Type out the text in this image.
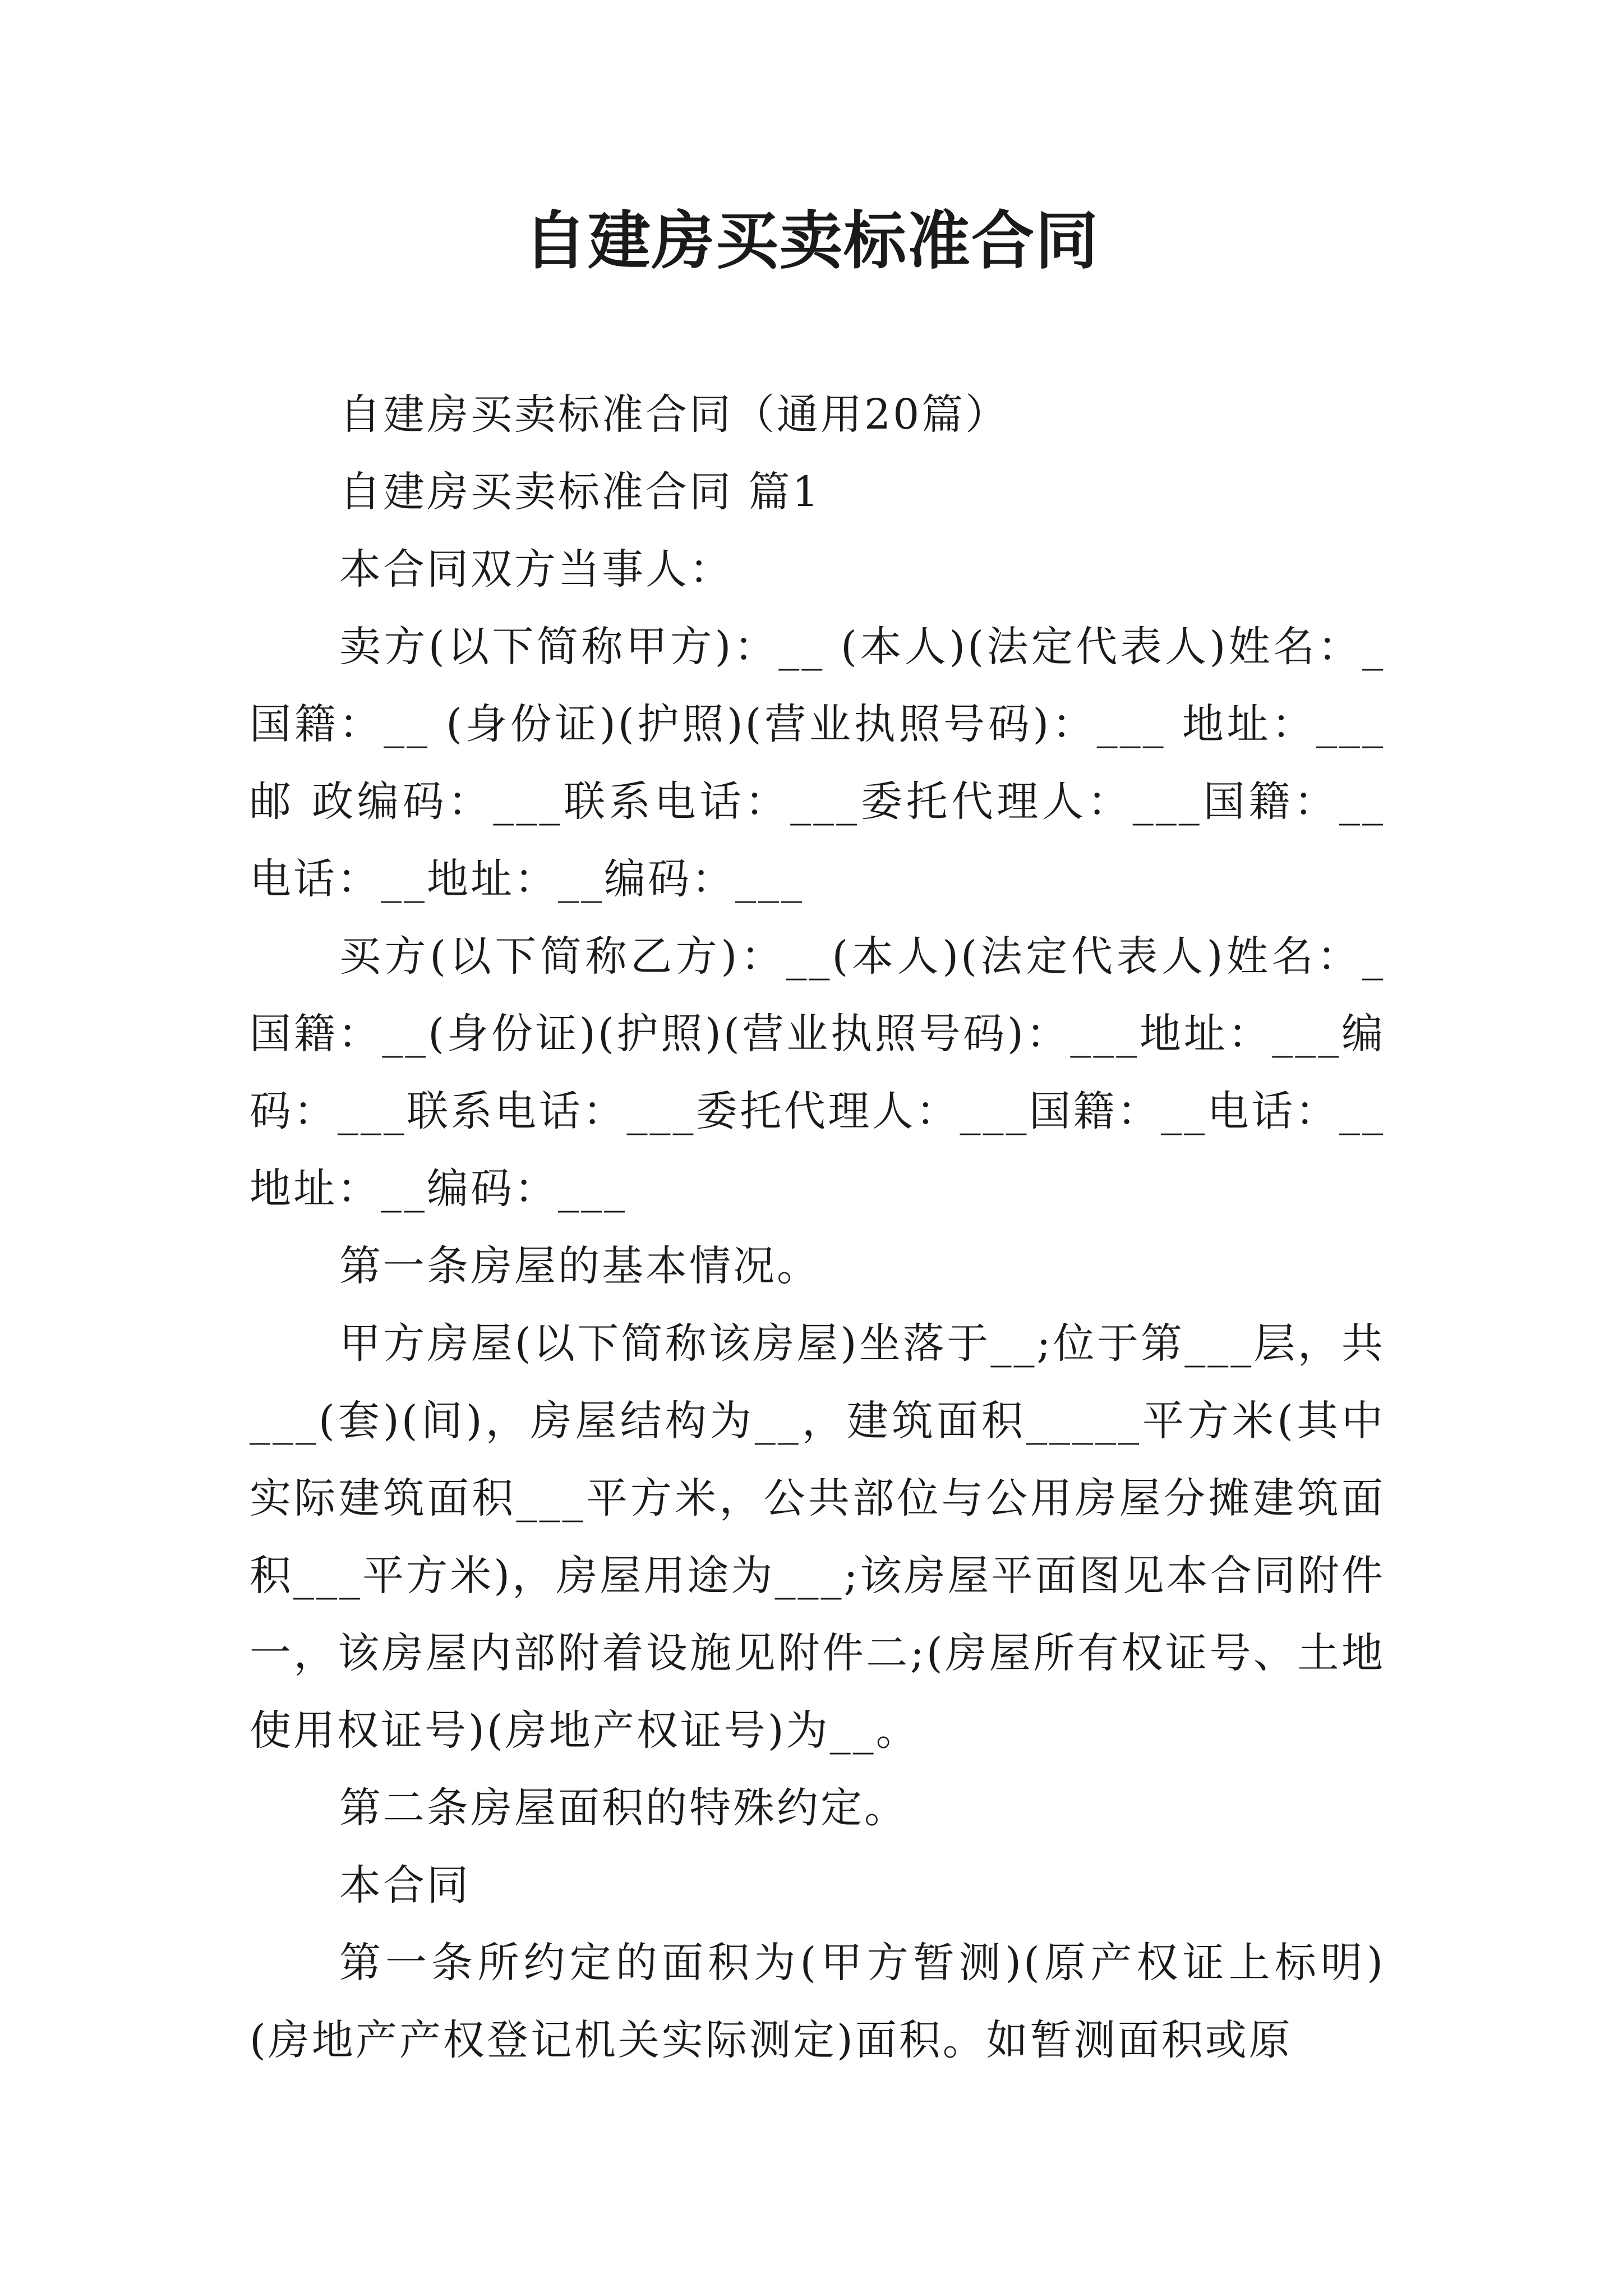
自建房买卖标准合同

自建房买卖标准合同（通用20篇）

自建房买卖标准合同 篇1

本合同双方当事人：

卖方(以下简称甲方)：__ (本人)(法定代表人)姓名：_ 国籍：__ (身份证)(护照)(营业执照号码)：___ 地址：___ 邮 政编码：___联系电话：___委托代理人：___国籍：__电话：__地址：__编码：___

买方(以下简称乙方)：__(本人)(法定代表人)姓名：_ 国籍：__(身份证)(护照)(营业执照号码)：___地址：___编码：___联系电话：___委托代理人：___国籍：__电话：__ 地址：__编码：___

第一条房屋的基本情况。

甲方房屋(以下简称该房屋)坐落于__;位于第___层，共___(套)(间)，房屋结构为__，建筑面积_____平方米(其中实际建筑面积___平方米，公共部位与公用房屋分摊建筑面积___平方米)，房屋用途为___;该房屋平面图见本合同附件一，该房屋内部附着设施见附件二;(房屋所有权证号、土地使用权证号)(房地产权证号)为__。

第二条房屋面积的特殊约定。

本合同

第一条所约定的面积为(甲方暂测)(原产权证上标明)(房地产产权登记机关实际测定)面积。如暂测面积或原
